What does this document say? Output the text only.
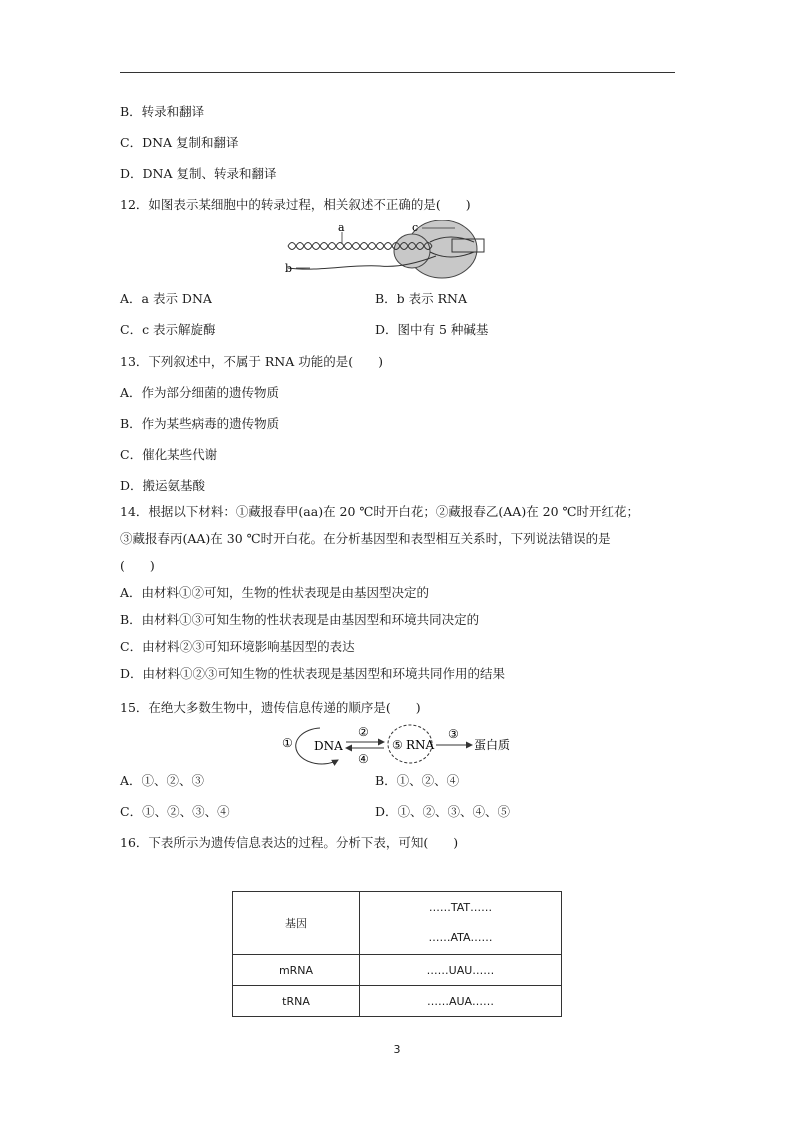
B．转录和翻译
C．DNA 复制和翻译
D．DNA 复制、转录和翻译
12．如图表示某细胞中的转录过程，相关叙述不正确的是(　　)
a	c
b
A．a 表示 DNA	B．b 表示 RNA
C．c 表示解旋酶	D．图中有 5 种碱基
13．下列叙述中，不属于 RNA 功能的是(　　)
A．作为部分细菌的遗传物质
B．作为某些病毒的遗传物质
C．催化某些代谢
D．搬运氨基酸
14．根据以下材料：①藏报春甲(aa)在 20 ℃时开白花；②藏报春乙(AA)在 20 ℃时开红花；
③藏报春丙(AA)在 30 ℃时开白花。在分析基因型和表型相互关系时，下列说法错误的是
(　　)
A．由材料①②可知，生物的性状表现是由基因型决定的
B．由材料①③可知生物的性状表现是由基因型和环境共同决定的
C．由材料②③可知环境影响基因型的表达
D．由材料①②③可知生物的性状表现是基因型和环境共同作用的结果
15．在绝大多数生物中，遗传信息传递的顺序是(　　)
① DNA
②
④
⑤ RNA
③
蛋白质
A．①、②、③	B．①、②、④
C．①、②、③、④	D．①、②、③、④、⑤
16．下表所示为遗传信息表达的过程。分析下表，可知(　　)
基因	……TAT……
……ATA……

mRNA	……UAU……
tRNA	……AUA……
3
